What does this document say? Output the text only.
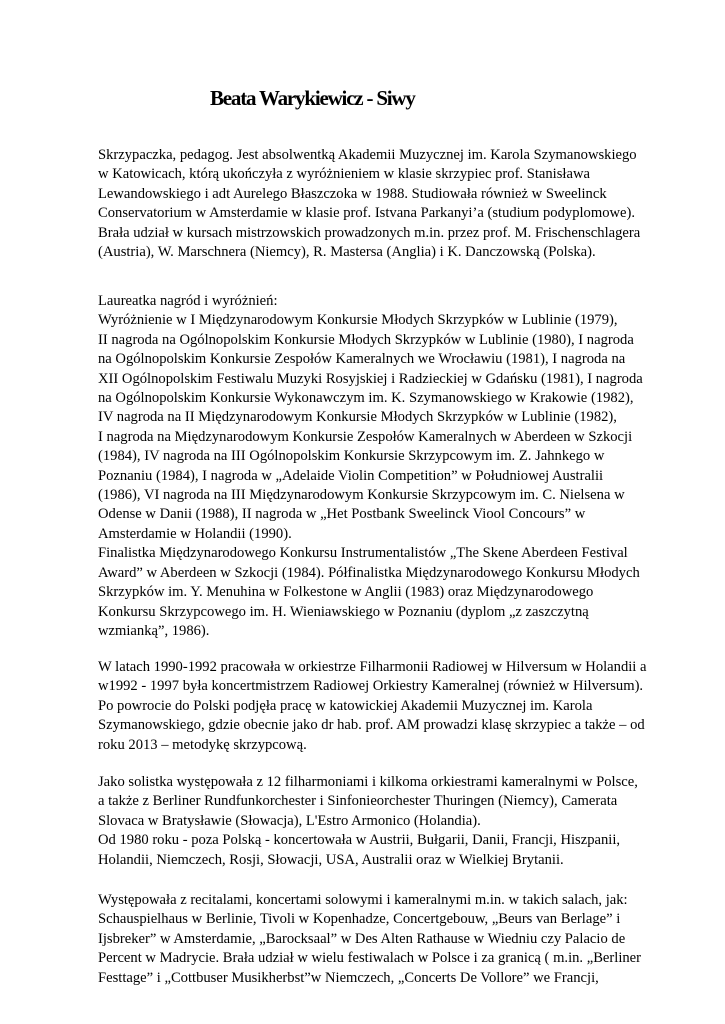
Beata Warykiewicz - Siwy
Skrzypaczka, pedagog. Jest absolwentką Akademii Muzycznej im. Karola Szymanowskiego
w Katowicach, którą ukończyła z wyróżnieniem w klasie skrzypiec prof. Stanisława
Lewandowskiego i adt Aurelego Błaszczoka w 1988. Studiowała również w Sweelinck
Conservatorium w Amsterdamie w klasie prof. Istvana Parkanyi’a (studium podyplomowe).
Brała udział w kursach mistrzowskich prowadzonych m.in. przez prof. M. Frischenschlagera
(Austria), W. Marschnera (Niemcy), R. Mastersa (Anglia) i K. Danczowską (Polska).
Laureatka nagród i wyróżnień:
Wyróżnienie w I Międzynarodowym Konkursie Młodych Skrzypków w Lublinie (1979),
II nagroda na Ogólnopolskim Konkursie Młodych Skrzypków w Lublinie (1980), I nagroda
na Ogólnopolskim Konkursie Zespołów Kameralnych we Wrocławiu (1981), I nagroda na
XII Ogólnopolskim Festiwalu Muzyki Rosyjskiej i Radzieckiej w Gdańsku (1981), I nagroda
na Ogólnopolskim Konkursie Wykonawczym im. K. Szymanowskiego w Krakowie (1982),
IV nagroda na II Międzynarodowym Konkursie Młodych Skrzypków w Lublinie (1982),
I nagroda na Międzynarodowym Konkursie Zespołów Kameralnych w Aberdeen w Szkocji
(1984), IV nagroda na III Ogólnopolskim Konkursie Skrzypcowym im. Z. Jahnkego w
Poznaniu (1984), I nagroda w „Adelaide Violin Competition” w Południowej Australii
(1986), VI nagroda na III Międzynarodowym Konkursie Skrzypcowym im. C. Nielsena w
Odense w Danii (1988), II nagroda w „Het Postbank Sweelinck Viool Concours” w
Amsterdamie w Holandii (1990).
Finalistka Międzynarodowego Konkursu Instrumentalistów „The Skene Aberdeen Festival
Award” w Aberdeen w Szkocji (1984). Półfinalistka Międzynarodowego Konkursu Młodych
Skrzypków im. Y. Menuhina w Folkestone w Anglii (1983) oraz Międzynarodowego
Konkursu Skrzypcowego im. H. Wieniawskiego w Poznaniu (dyplom „z zaszczytną
wzmianką”, 1986).
W latach 1990-1992 pracowała w orkiestrze Filharmonii Radiowej w Hilversum w Holandii a
w1992 - 1997 była koncertmistrzem Radiowej Orkiestry Kameralnej (również w Hilversum).
Po powrocie do Polski podjęła pracę w katowickiej Akademii Muzycznej im. Karola
Szymanowskiego, gdzie obecnie jako dr hab. prof. AM prowadzi klasę skrzypiec a także – od
roku 2013 – metodykę skrzypcową.
Jako solistka występowała z 12 filharmoniami i kilkoma orkiestrami kameralnymi w Polsce,
a także z Berliner Rundfunkorchester i Sinfonieorchester Thuringen (Niemcy), Camerata
Slovaca w Bratysławie (Słowacja), L'Estro Armonico (Holandia).
Od 1980 roku - poza Polską - koncertowała w Austrii, Bułgarii, Danii, Francji, Hiszpanii,
Holandii, Niemczech, Rosji, Słowacji, USA, Australii oraz w Wielkiej Brytanii.
Występowała z recitalami, koncertami solowymi i kameralnymi m.in. w takich salach, jak:
Schauspielhaus w Berlinie, Tivoli w Kopenhadze, Concertgebouw, „Beurs van Berlage” i
Ijsbreker” w Amsterdamie, „Barocksaal” w Des Alten Rathause w Wiedniu czy Palacio de
Percent w Madrycie. Brała udział w wielu festiwalach w Polsce i za granicą ( m.in. „Berliner
Festtage” i „Cottbuser Musikherbst”w Niemczech, „Concerts De Vollore” we Francji,
